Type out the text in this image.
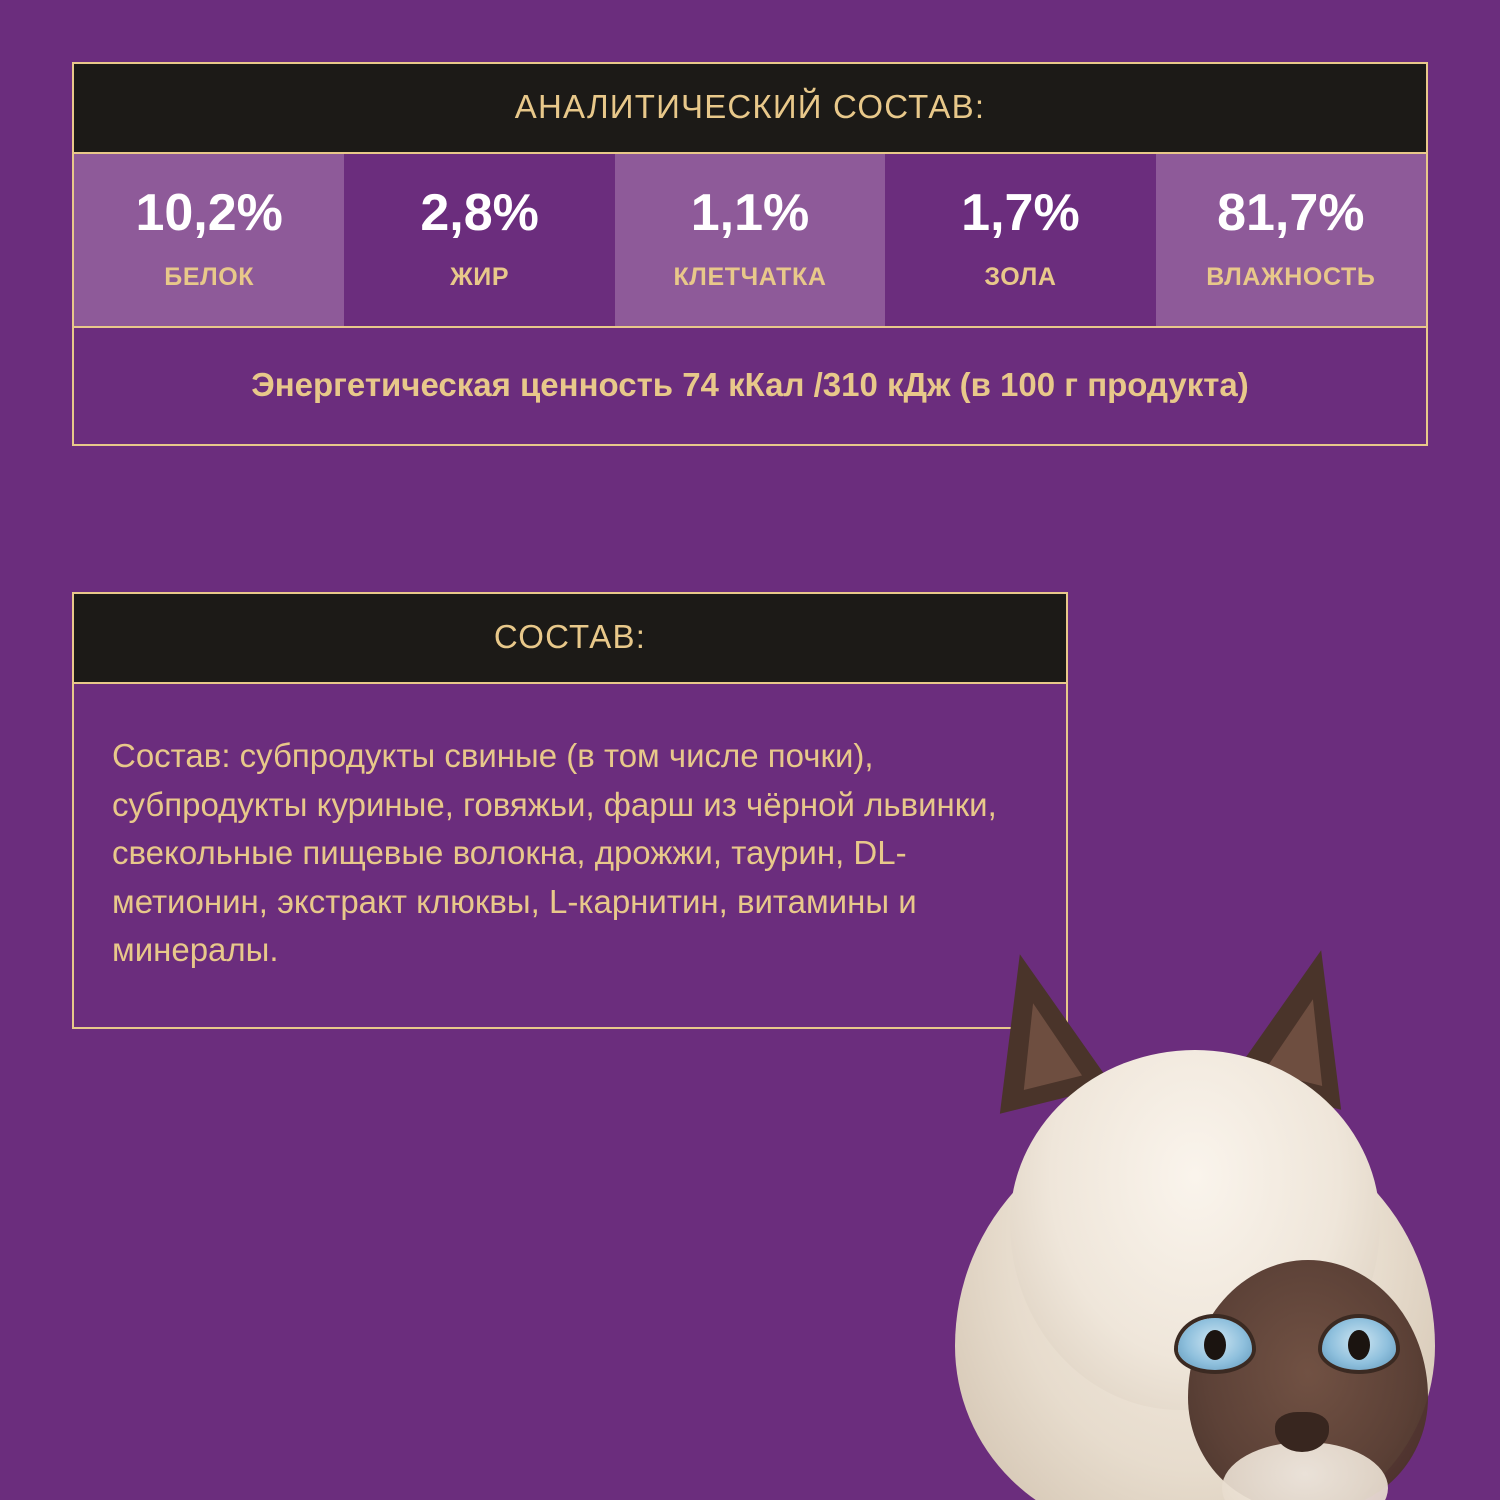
АНАЛИТИЧЕСКИЙ СОСТАВ:
10,2%
БЕЛОК
2,8%
ЖИР
1,1%
КЛЕТЧАТКА
1,7%
ЗОЛА
81,7%
ВЛАЖНОСТЬ
Энергетическая ценность 74 кКал /310 кДж (в 100 г продукта)
СОСТАВ:
Состав: субпродукты свиные (в том числе почки), субпродукты куриные, говяжьи, фарш из чёрной львинки, свекольные пищевые волокна, дрожжи, таурин, DL-метионин, экстракт клюквы, L-карнитин, витамины и минералы.
